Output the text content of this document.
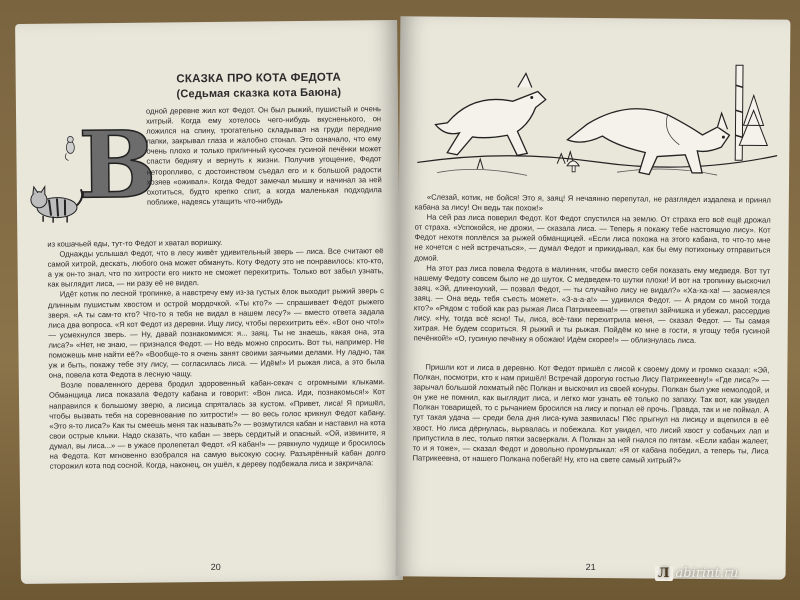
СКАЗКА ПРО КОТА ФЕДОТА
(Седьмая сказка кота Баюна)
В

одной деревне жил кот Федот. Он был рыжий, пушистый и очень хитрый. Когда ему хотелось чего-нибудь вкусненького, он ложился на спину, трогательно складывал на груди передние лапки, закрывал глаза и жалобно стонал. Это означало, что ему очень плохо и только приличный кусочек гусиной печёнки может спасти беднягу и вернуть к жизни. Получив угощение, Федот неторопливо, с достоинством съедал его и к большой радости хозяев «оживал». Когда Федот замечал мышку и начинал за ней охотиться, будто крепко спит, а когда маленькая подходила поближе, надеясь утащить что-нибудь

из кошачьей еды, тут-то Федот и хватал воришку.

Однажды услышал Федот, что в лесу живёт удивительный зверь — лиса. Все считают её самой хитрой, дескать, любого она может обмануть. Коту Федоту это не понравилось: кто-кто, а уж он-то знал, что по хитрости его никто не сможет перехитрить. Только вот забыл узнать, как выглядит лиса, — ни разу её не видел.

Идёт котик по лесной тропинке, а навстречу ему из-за густых ёлок выходит рыжий зверь с длинным пушистым хвостом и острой мордочкой. «Ты кто?» — спрашивает Федот рыжего зверя. «А ты сам-то кто? Что-то я тебя не видал в нашем лесу?» — вместо ответа задала лиса два вопроса. «Я кот Федот из деревни. Ищу лису, чтобы перехитрить её». «Вот оно что!» — усмехнулся зверь. — Ну, давай познакомимся: я... заяц. Ты не знаешь, какая она, эта лиса?» «Нет, не знаю, — признался Федот. — Но ведь можно спросить. Вот ты, например. Не поможешь мне найти её?» «Вообще-то я очень занят своими заячьими делами. Ну ладно, так уж и быть, покажу тебе эту лису, — согласилась лиса. — Идём!» И рыжая лиса, а это была она, повела кота Федота в лесную чащу.

Возле поваленного дерева бродил здоровенный кабан-секач с огромными клыками. Обманщица лиса показала Федоту кабана и говорит: «Вон лиса. Иди, познакомься!» Кот направился к большому зверю, а лисица спряталась за кустом. «Привет, лиса! Я пришёл, чтобы вызвать тебя на соревнование по хитрости!» — во весь голос крикнул Федот кабану. «Это я-то лиса?» Как ты смеешь меня так называть?» — возмутился кабан и наставил на кота свои острые клыки. Надо сказать, что кабан — зверь сердитый и опасный. «Ой, извините, я думал, вы лиса...» — в ужасе пролепетал Федот. «Я кабан!» — рявкнуло чудище и бросилось на Федота. Кот мгновенно взобрался на самую высокую сосну. Разъярённый кабан долго сторожил кота под сосной. Когда, наконец, он ушёл, к дереву подбежала лиса и закричала:

20

«Слезай, котик, не бойся! Это я, заяц! Я нечаянно перепутал, не разглядел издалека и принял кабана за лису! Он ведь так похож!»

На сей раз лиса поверил Федот. Кот Федот спустился на землю. От страха его всё ещё дрожал от страха. «Успокойся, не дрожи, — сказала лиса. — Теперь я покажу тебе настоящую лису». Кот Федот нехотя поплёлся за рыжей обманщицей. «Если лиса похожа на этого кабана, то что-то мне не хочется с ней встречаться», — думал Федот и прикидывал, как бы ему потихоньку отправиться домой.

На этот раз лиса повела Федота в малинник, чтобы вместо себя показать ему медведя. Вот тут нашему Федоту совсем было не до шуток. С медведем-то шутки плохи! И вот на тропинку выскочил заяц. «Эй, длинноухий, — позвал Федот, — ты случайно лису не видал?» «Ха-ха-ха! — засмеялся заяц. — Она ведь тебя съесть может». «З-а-а-а!» — удивился Федот. — А рядом со мной тогда кто?» «Рядом с тобой как раз рыжая Лиса Патрикеевна!» — ответил зайчишка и убежал, рассердив лису. «Ну, тогда всё ясно! Ты, лиса, всё-таки перехитрила меня, — сказал Федот. — Ты самая хитрая. Не будем ссориться. Я рыжий и ты рыжая. Пойдём ко мне в гости, я угощу тебя гусиной печёнкой!» «О, гусиную печёнку я обожаю! Идём скорее!» — облизнулась лиса.

Пришли кот и лиса в деревню. Кот Федот пришёл с лисой к своему дому и громко сказал: «Эй, Полкан, посмотри, кто к нам пришёл! Встречай дорогую гостью Лису Патрикеевну!» «Где лиса?» — зарычал большой лохматый пёс Полкан и выскочил из своей конуры. Полкан был уже немолодой, и он уже не помнил, как выглядит лиса, и легко мог узнать её только по запаху. Так вот, как увидел Полкан товарищей, то с рычанием бросился на лису и погнал её прочь. Правда, так и не поймал. А тут такая удача — среди бела дня лиса-кума заявилась! Пёс прыгнул на лисицу и вцепился в её хвост. Но лиса дёрнулась, вырвалась и побежала. Кот увидел, что лисий хвост у собачьих лап и припустила в лес, только пятки засверкали. А Полкан за ней гнался по пятам. «Если кабан жалеет, то и я тоже», — сказал Федот и довольно промурлыкал: «Я от кабана победил, а теперь ты, Лиса Патрикеевна, от нашего Полкана побегай! Ну, кто на свете самый хитрый?»

21	Л abirint.ru
